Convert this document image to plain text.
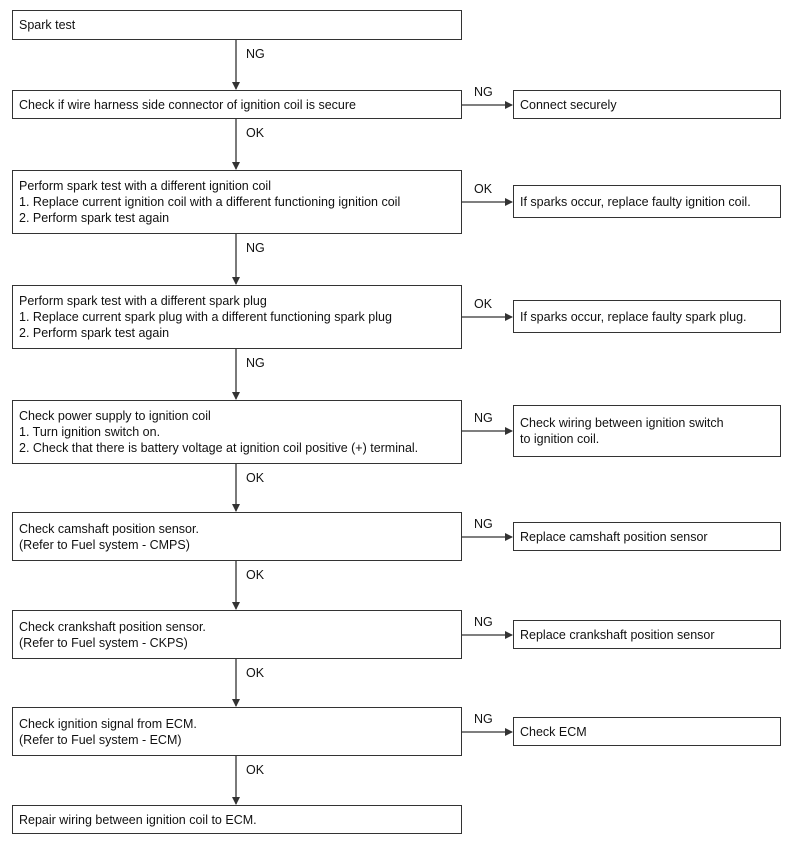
Spark test
Check if wire harness side connector of ignition coil is secure
Perform spark test with a different ignition coil
1. Replace current ignition coil with a different functioning ignition coil
2. Perform spark test again
Perform spark test with a different spark plug
1. Replace current spark plug with a different functioning spark plug
2. Perform spark test again
Check power supply to ignition coil
1. Turn ignition switch on.
2. Check that there is battery voltage at ignition coil positive (+) terminal.
Check camshaft position sensor.
(Refer to Fuel system - CMPS)
Check crankshaft position sensor.
(Refer to Fuel system - CKPS)
Check ignition signal from ECM.
(Refer to Fuel system - ECM)
Repair wiring between ignition coil to ECM.
NG
OK
NG
NG
OK
OK
OK
OK
Connect securely
NG
If sparks occur, replace faulty ignition coil.
OK
If sparks occur, replace faulty spark plug.
OK
Check wiring between ignition switch
to ignition coil.
NG
Replace camshaft position sensor
NG
Replace crankshaft position sensor
NG
Check ECM
NG
